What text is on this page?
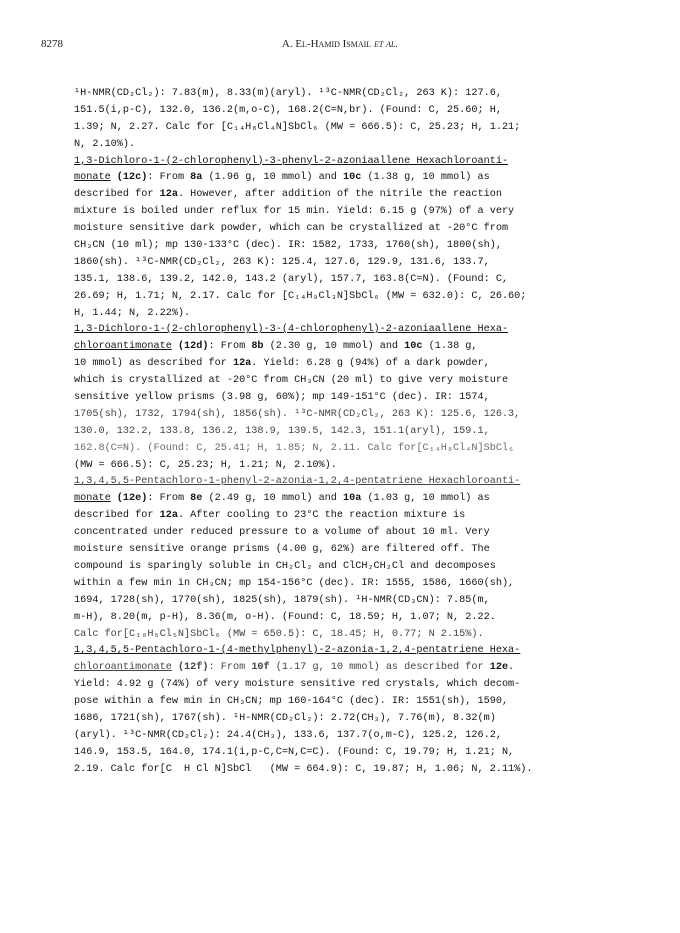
8278	A. El-Hamid Ismail et al.
¹H-NMR(CD₂Cl₂): 7.83(m), 8.33(m)(aryl). ¹³C-NMR(CD₂Cl₂, 263 K): 127.6,
151.5(i,p-C), 132.0, 136.2(m,o-C), 168.2(C=N,br). (Found: C, 25.60; H,
1.39; N, 2.27. Calc for [C₁₄H₈Cl₄N]SbCl₆ (MW = 666.5): C, 25.23; H, 1.21;
N, 2.10%).
1,3-Dichloro-1-(2-chlorophenyl)-3-phenyl-2-azoniaallene Hexachloroanti-
monate (12c): From 8a (1.96 g, 10 mmol) and 10c (1.38 g, 10 mmol) as
described for 12a. However, after addition of the nitrile the reaction
mixture is boiled under reflux for 15 min. Yield: 6.15 g (97%) of a very
moisture sensitive dark powder, which can be crystallized at -20°C from
CH₃CN (10 ml); mp 130-133°C (dec). IR: 1582, 1733, 1760(sh), 1800(sh),
1860(sh). ¹³C-NMR(CD₂Cl₂, 263 K): 125.4, 127.6, 129.9, 131.6, 133.7,
135.1, 138.6, 139.2, 142.0, 143.2 (aryl), 157.7, 163.8(C=N). (Found: C,
26.69; H, 1.71; N, 2.17. Calc for [C₁₄H₉Cl₃N]SbCl₆ (MW = 632.0): C, 26.60;
H, 1.44; N, 2.22%).
1,3-Dichloro-1-(2-chlorophenyl)-3-(4-chlorophenyl)-2-azoniaallene Hexa-
chloroantimonate (12d): From 8b (2.30 g, 10 mmol) and 10c (1.38 g,
10 mmol) as described for 12a. Yield: 6.28 g (94%) of a dark powder,
which is crystallized at -20°C from CH₃CN (20 ml) to give very moisture
sensitive yellow prisms (3.98 g, 60%); mp 149-151°C (dec). IR: 1574,
1705(sh), 1732, 1794(sh), 1856(sh). ¹³C-NMR(CD₂Cl₂, 263 K): 125.6, 126.3,
130.0, 132.2, 133.8, 136.2, 138.9, 139.5, 142.3, 151.1(aryl), 159.1,
162.8(C=N). (Found: C, 25.41; H, 1.85; N, 2.11. Calc for[C₁₄H₈Cl₄N]SbCl₆
(MW = 666.5): C, 25.23; H, 1.21; N, 2.10%).
1,3,4,5,5-Pentachloro-1-phenyl-2-azonia-1,2,4-pentatriene Hexachloroanti-
monate (12e): From 8e (2.49 g, 10 mmol) and 10a (1.03 g, 10 mmol) as
described for 12a. After cooling to 23°C the reaction mixture is
concentrated under reduced pressure to a volume of about 10 ml. Very
moisture sensitive orange prisms (4.00 g, 62%) are filtered off. The
compound is sparingly soluble in CH₂Cl₂ and ClCH₂CH₂Cl and decomposes
within a few min in CH₃CN; mp 154-156°C (dec). IR: 1555, 1586, 1660(sh),
1694, 1728(sh), 1770(sh), 1825(sh), 1879(sh). ¹H-NMR(CD₃CN): 7.85(m,
m-H), 8.20(m, p-H), 8.36(m, o-H). (Found: C, 18.59; H, 1.07; N, 2.22.
Calc for[C₁₀H₅Cl₅N]SbCl₆ (MW = 650.5): C, 18.45; H, 0.77; N 2.15%).
1,3,4,5,5-Pentachloro-1-(4-methylphenyl)-2-azonia-1,2,4-pentatriene Hexa-
chloroantimonate (12f): From 10f (1.17 g, 10 mmol) as described for 12e.
Yield: 4.92 g (74%) of very moisture sensitive red crystals, which decom-
pose within a few min in CH₃CN; mp 160-164°C (dec). IR: 1551(sh), 1590,
1686, 1721(sh), 1767(sh). ¹H-NMR(CD₂Cl₂): 2.72(CH₃), 7.76(m), 8.32(m)
(aryl). ¹³C-NMR(CD₂Cl₂): 24.4(CH₃), 133.6, 137.7(o,m-C), 125.2, 126.2,
146.9, 153.5, 164.0, 174.1(i,p-C,C=N,C=C). (Found: C, 19.79; H, 1.21; N,
2.19. Calc for[C  H Cl N]SbCl   (MW = 664.9): C, 19.87; H, 1.06; N, 2.11%).
